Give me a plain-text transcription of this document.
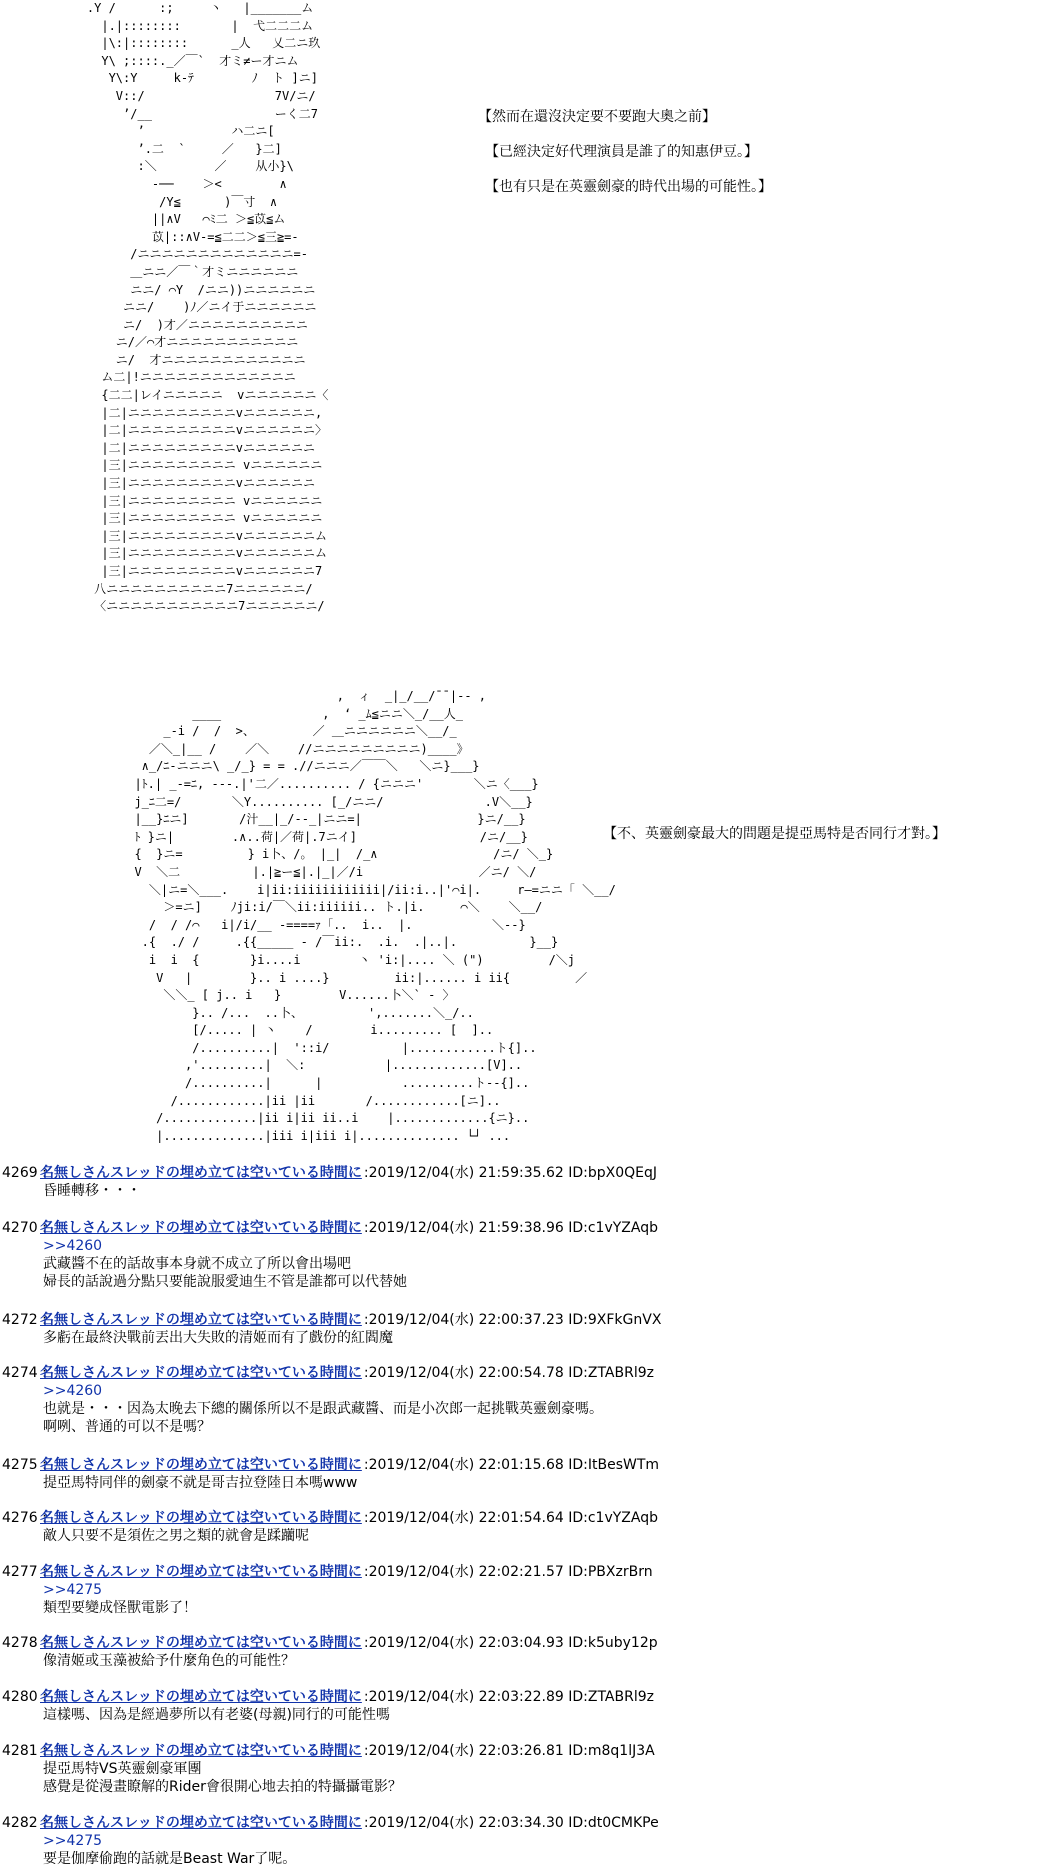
.Y /      :;     丶   |_______ム
|.|::::::::       |  弋二二二ム
|\:|::::::::      _人   乂二ニ玖
Y\ ;::::._／￣`  才ミ≠ー才ニム
Y\:Y     k-ﾃ        ﾉ  ト ]ニ]
V::/                  7V/ニ/
’/__                 ーく二7
’            ハ二ニ[
’.二  `     ／   }二]
:＼        ／    从小}\
‐──    ＞<        ∧
/Y≦      )￣寸  ∧
||∧V   ⌒ﾐ二 ＞≦苡≦ム
苡|::∧V-=≦二二＞≦三≧=-
/ニニニニニニニニニニニニニ=-
＿ニニ／￣｀才ミニニニニニニ
ニニ/ ⌒Y  /ニニ))ニニニニニニ
ニニ/    )ﾉ／ニイ于ニニニニニニ
ニ/  )才／ニニニニニニニニニニ
ニ/／⌒才ニニニニニニニニニニニ
ニ/  才ニニニニニニニニニニニニ
ム二|!ニニニニニニニニニニニニニ
{二二|レイニニニニニ  vニニニニニニ〈
|二|ニニニニニニニニニvニニニニニニ,
|二|ニニニニニニニニニvニニニニニニ〉
|二|ニニニニニニニニニvニニニニニニ
|三|ニニニニニニニニニ vニニニニニニ
|三|ニニニニニニニニニvニニニニニニ
|三|ニニニニニニニニニ vニニニニニニ
|三|ニニニニニニニニニ vニニニニニニ
|三|ニニニニニニニニニvニニニニニニム
|三|ニニニニニニニニニvニニニニニニム
|三|ニニニニニニニニニvニニニニニニ7
八ニニニニニニニニニニ7ニニニニニニ/
〈ニニニニニニニニニニニ7ニニニニニニ/
【然而在還沒決定要不要跑大奧之前】
【已經決定好代理演員是誰了的知惠伊豆。】
【也有只是在英靈劍豪的時代出場的可能性。】
,  ィ  _|_/__/¯¯|‐- ,
____              ,  ‘ _ﾑ≦ニニ＼_/__人_
_-i /  /  >、        ／ ＿ニニニニニニ＼__/_
／＼_|__ /    ／＼    //ニニニニニニニニニ)____》
∧_/ﾆ-ニニニ\ _/_} = = .//ニニニ／￣￣＼   ＼ニ}___}
|ﾄ.| _-=ﾆ, ---.|'二／.......... / {ニニニ'       ＼ニ〈___}
j_ﾆ二=/       ＼Y.......... [_/ニニ/              .V＼__}
|__}ﾆニ]       /汁__|_/--_|ニニ=|                }ニ/__}
ﾄ }ニ|        .∧..荷|／荷|.7ニイ]                 /ニ/__}
{  }ニ=         } i卜、/。 |_|  /_∧                /ニ/ ＼_}
V  ＼二          |.|≧ー≦|.|_|／/i                ／ニ/ ＼/
＼|ニ=＼___.    i|ii:iiiiiiiiiiii|/ii:i..|'⌒i|.     r―=ニニ「 ＼__/
＞=ニ]    ﾉji:i/￣＼ii:iiiiii.. ト.|i.     ⌒＼    ＼__/
/  / /⌒   i|/i/__ -====ｧ「..  i..  |.           ＼--}
.{  ./ /     .{{_____ ‐ /￣ii:.  .i.  .|..|.          }__}
i  i  {       }i....i        丶 'i:|.... ＼ (")         /＼j
V   |        }.. i ....}         ii:|...... i ii{         ／
＼＼_ [ j.. i   }        V......卜＼` ‐ 〉
}.. /...  ..卜、         ',.......＼_/..
[/..... | 丶    /        i......... [  ]..
/..........|  '::i/          |............ト{]..
,'.........|  ＼:           |.............[V]..
/..........|      |           ..........ト--{]..
/............|ii |ii       /............[ニ]..
/.............|ii i|ii ii..i    |.............{ニ}..
|..............|iii i|iii i|.............. └┘ ...
【不、英靈劍豪最大的問題是提亞馬特是否同行才對。】
4269 :名無しさんスレッドの埋め立ては空いている時間に :2019/12/04(水) 21:59:35.62 ID:bpX0QEqJ
昏睡轉移・・・
4270 :名無しさんスレッドの埋め立ては空いている時間に :2019/12/04(水) 21:59:38.96 ID:c1vYZAqb
>>4260
武藏醬不在的話故事本身就不成立了所以會出場吧
婦長的話說過分點只要能說服愛迪生不管是誰都可以代替她
4272 :名無しさんスレッドの埋め立ては空いている時間に :2019/12/04(水) 22:00:37.23 ID:9XFkGnVX
多虧在最終決戰前丟出大失敗的清姬而有了戲份的紅閻魔
4274 :名無しさんスレッドの埋め立ては空いている時間に :2019/12/04(水) 22:00:54.78 ID:ZTABRl9z
>>4260
也就是・・・因為太晚去下總的關係所以不是跟武藏醬、而是小次郎一起挑戰英靈劍豪嗎。
啊咧、普通的可以不是嗎？
4275 :名無しさんスレッドの埋め立ては空いている時間に :2019/12/04(水) 22:01:15.68 ID:ItBesWTm
提亞馬特同伴的劍豪不就是哥吉拉登陸日本嗎www
4276 :名無しさんスレッドの埋め立ては空いている時間に :2019/12/04(水) 22:01:54.64 ID:c1vYZAqb
敵人只要不是須佐之男之類的就會是蹂躪呢
4277 :名無しさんスレッドの埋め立ては空いている時間に :2019/12/04(水) 22:02:21.57 ID:PBXzrBrn
>>4275
類型要變成怪獸電影了！
4278 :名無しさんスレッドの埋め立ては空いている時間に :2019/12/04(水) 22:03:04.93 ID:k5uby12p
像清姬或玉藻被給予什麼角色的可能性？
4280 :名無しさんスレッドの埋め立ては空いている時間に :2019/12/04(水) 22:03:22.89 ID:ZTABRl9z
這樣嗎、因為是經過夢所以有老婆(母親)同行的可能性嗎
4281 :名無しさんスレッドの埋め立ては空いている時間に :2019/12/04(水) 22:03:26.81 ID:m8q1lJ3A
提亞馬特VS英靈劍豪軍團
感覺是從漫畫瞭解的Rider會很開心地去拍的特攝攝電影？
4282 :名無しさんスレッドの埋め立ては空いている時間に :2019/12/04(水) 22:03:34.30 ID:dt0CMKPe
>>4275
要是伽摩偷跑的話就是Beast War了呢。
